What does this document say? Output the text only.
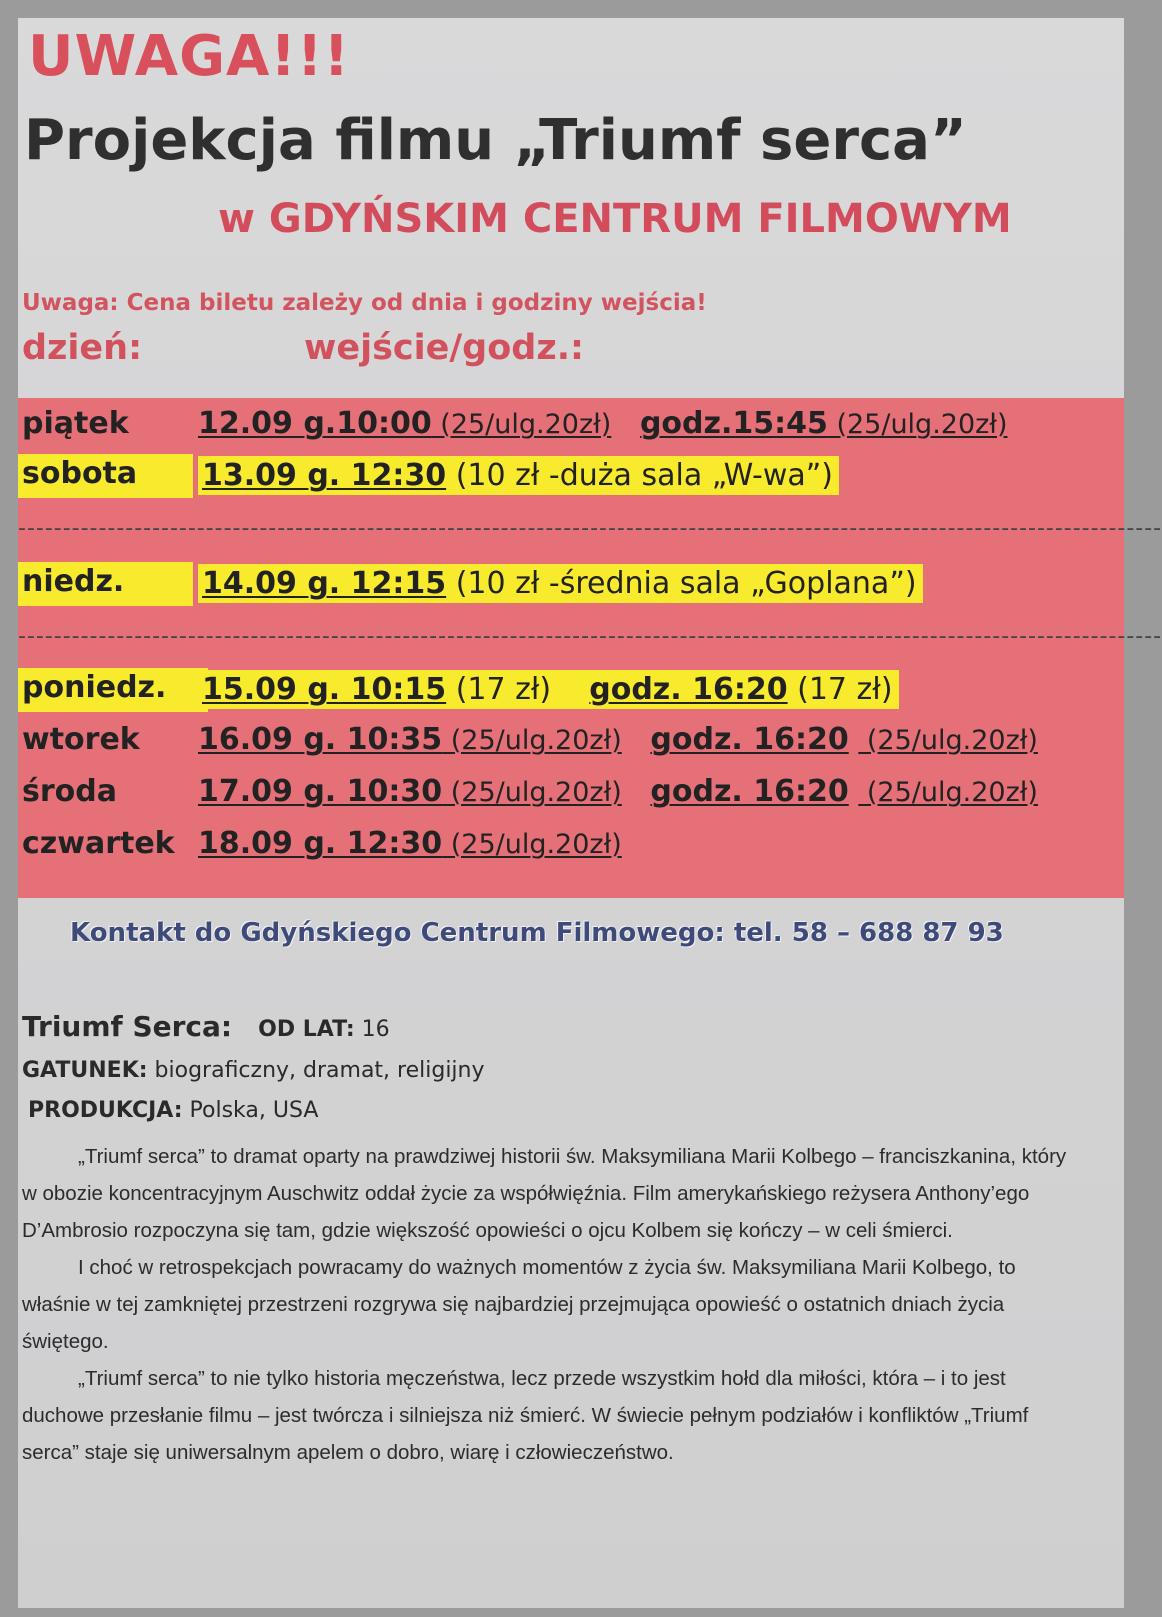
UWAGA!!!
Projekcja filmu „Triumf serca”
w GDYŃSKIM CENTRUM FILMOWYM
Uwaga: Cena biletu zależy od dnia i godziny wejścia!
dzień:	wejście/godz.:
piątek 12.09 g.10:00 (25/ulg.20zł) godz.15:45 (25/ulg.20zł)
sobota 13.09 g. 12:30 (10 zł -duża sala „W-wa”)
--------------------------------------------------------------------------------------------------------------------------------
niedz.	14.09 g. 12:15 (10 zł -średnia sala „Goplana”)
--------------------------------------------------------------------------------------------------------------------------------
poniedz. 15.09 g. 10:15 (17 zł) godz. 16:20 (17 zł)
wtorek 16.09 g. 10:35 (25/ulg.20zł) godz. 16:20  (25/ulg.20zł)
środa	17.09 g. 10:30 (25/ulg.20zł) godz. 16:20  (25/ulg.20zł)
czwartek 18.09 g. 12:30 (25/ulg.20zł)
Kontakt do Gdyńskiego Centrum Filmowego: tel. 58 – 688 87 93
Triumf Serca: OD LAT: 16
GATUNEK: biograficzny, dramat, religijny
PRODUKCJA: Polska, USA

„Triumf serca” to dramat oparty na prawdziwej historii św. Maksymiliana Marii Kolbego – franciszkanina, który w obozie koncentracyjnym Auschwitz oddał życie za współwięźnia. Film amerykańskiego reżysera Anthony’ego D’Ambrosio rozpoczyna się tam, gdzie większość opowieści o ojcu Kolbem się kończy – w celi śmierci.

I choć w retrospekcjach powracamy do ważnych momentów z życia św. Maksymiliana Marii Kolbego, to właśnie w tej zamkniętej przestrzeni rozgrywa się najbardziej przejmująca opowieść o ostatnich dniach życia świętego.

„Triumf serca” to nie tylko historia męczeństwa, lecz przede wszystkim hołd dla miłości, która – i to jest duchowe przesłanie filmu – jest twórcza i silniejsza niż śmierć. W świecie pełnym podziałów i konfliktów „Triumf serca” staje się uniwersalnym apelem o dobro, wiarę i człowieczeństwo.
